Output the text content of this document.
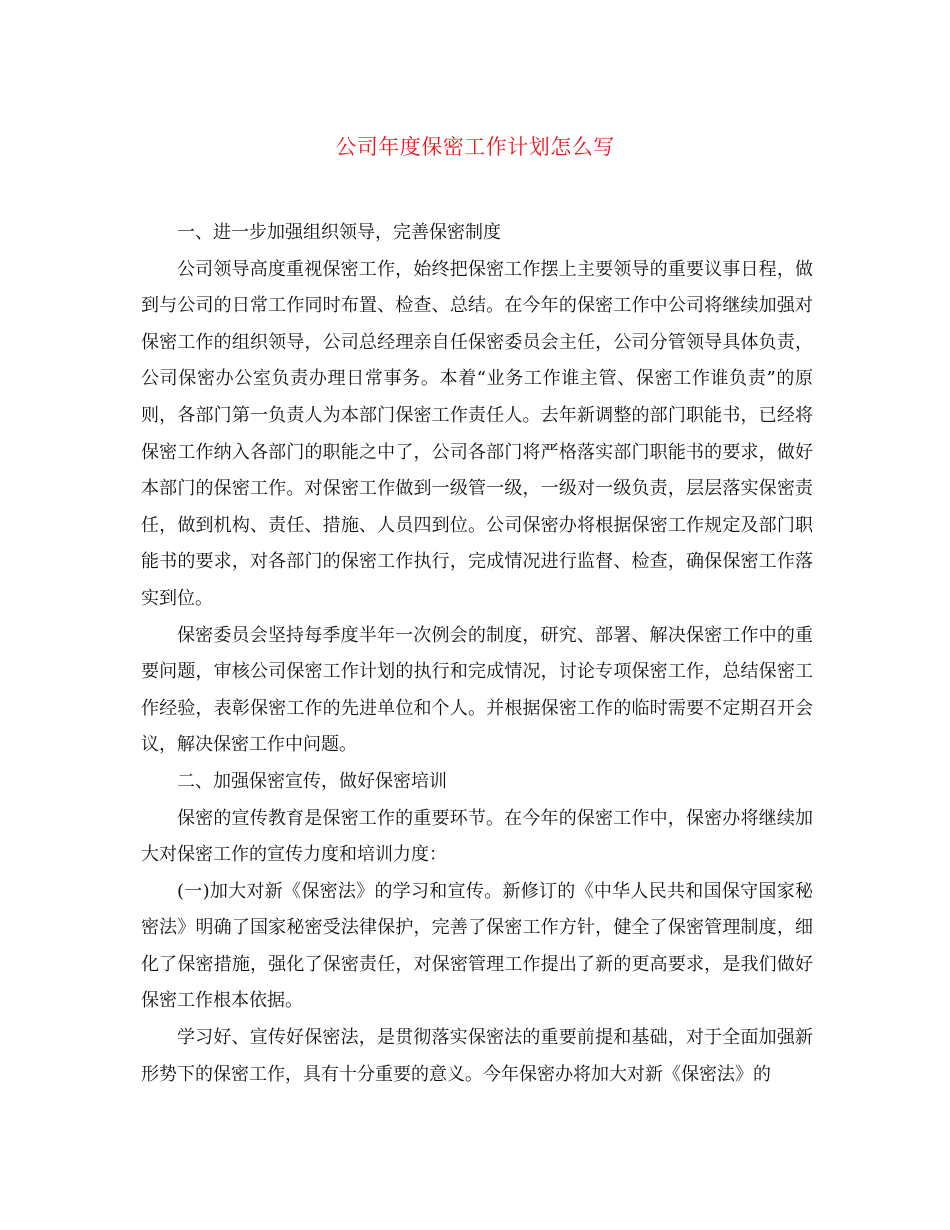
公司年度保密工作计划怎么写

一、进一步加强组织领导，完善保密制度

公司领导高度重视保密工作，始终把保密工作摆上主要领导的重要议事日程，做到与公司的日常工作同时布置、检查、总结。在今年的保密工作中公司将继续加强对保密工作的组织领导，公司总经理亲自任保密委员会主任，公司分管领导具体负责，公司保密办公室负责办理日常事务。本着“业务工作谁主管、保密工作谁负责”的原则，各部门第一负责人为本部门保密工作责任人。去年新调整的部门职能书，已经将保密工作纳入各部门的职能之中了，公司各部门将严格落实部门职能书的要求，做好本部门的保密工作。对保密工作做到一级管一级，一级对一级负责，层层落实保密责任，做到机构、责任、措施、人员四到位。公司保密办将根据保密工作规定及部门职能书的要求，对各部门的保密工作执行，完成情况进行监督、检查，确保保密工作落实到位。

保密委员会坚持每季度半年一次例会的制度，研究、部署、解决保密工作中的重要问题，审核公司保密工作计划的执行和完成情况，讨论专项保密工作，总结保密工作经验，表彰保密工作的先进单位和个人。并根据保密工作的临时需要不定期召开会议，解决保密工作中问题。

二、加强保密宣传，做好保密培训

保密的宣传教育是保密工作的重要环节。在今年的保密工作中，保密办将继续加大对保密工作的宣传力度和培训力度：

(一)加大对新《保密法》的学习和宣传。新修订的《中华人民共和国保守国家秘密法》明确了国家秘密受法律保护，完善了保密工作方针，健全了保密管理制度，细化了保密措施，强化了保密责任，对保密管理工作提出了新的更高要求，是我们做好保密工作根本依据。

学习好、宣传好保密法，是贯彻落实保密法的重要前提和基础，对于全面加强新形势下的保密工作，具有十分重要的意义。今年保密办将加大对新《保密法》的
